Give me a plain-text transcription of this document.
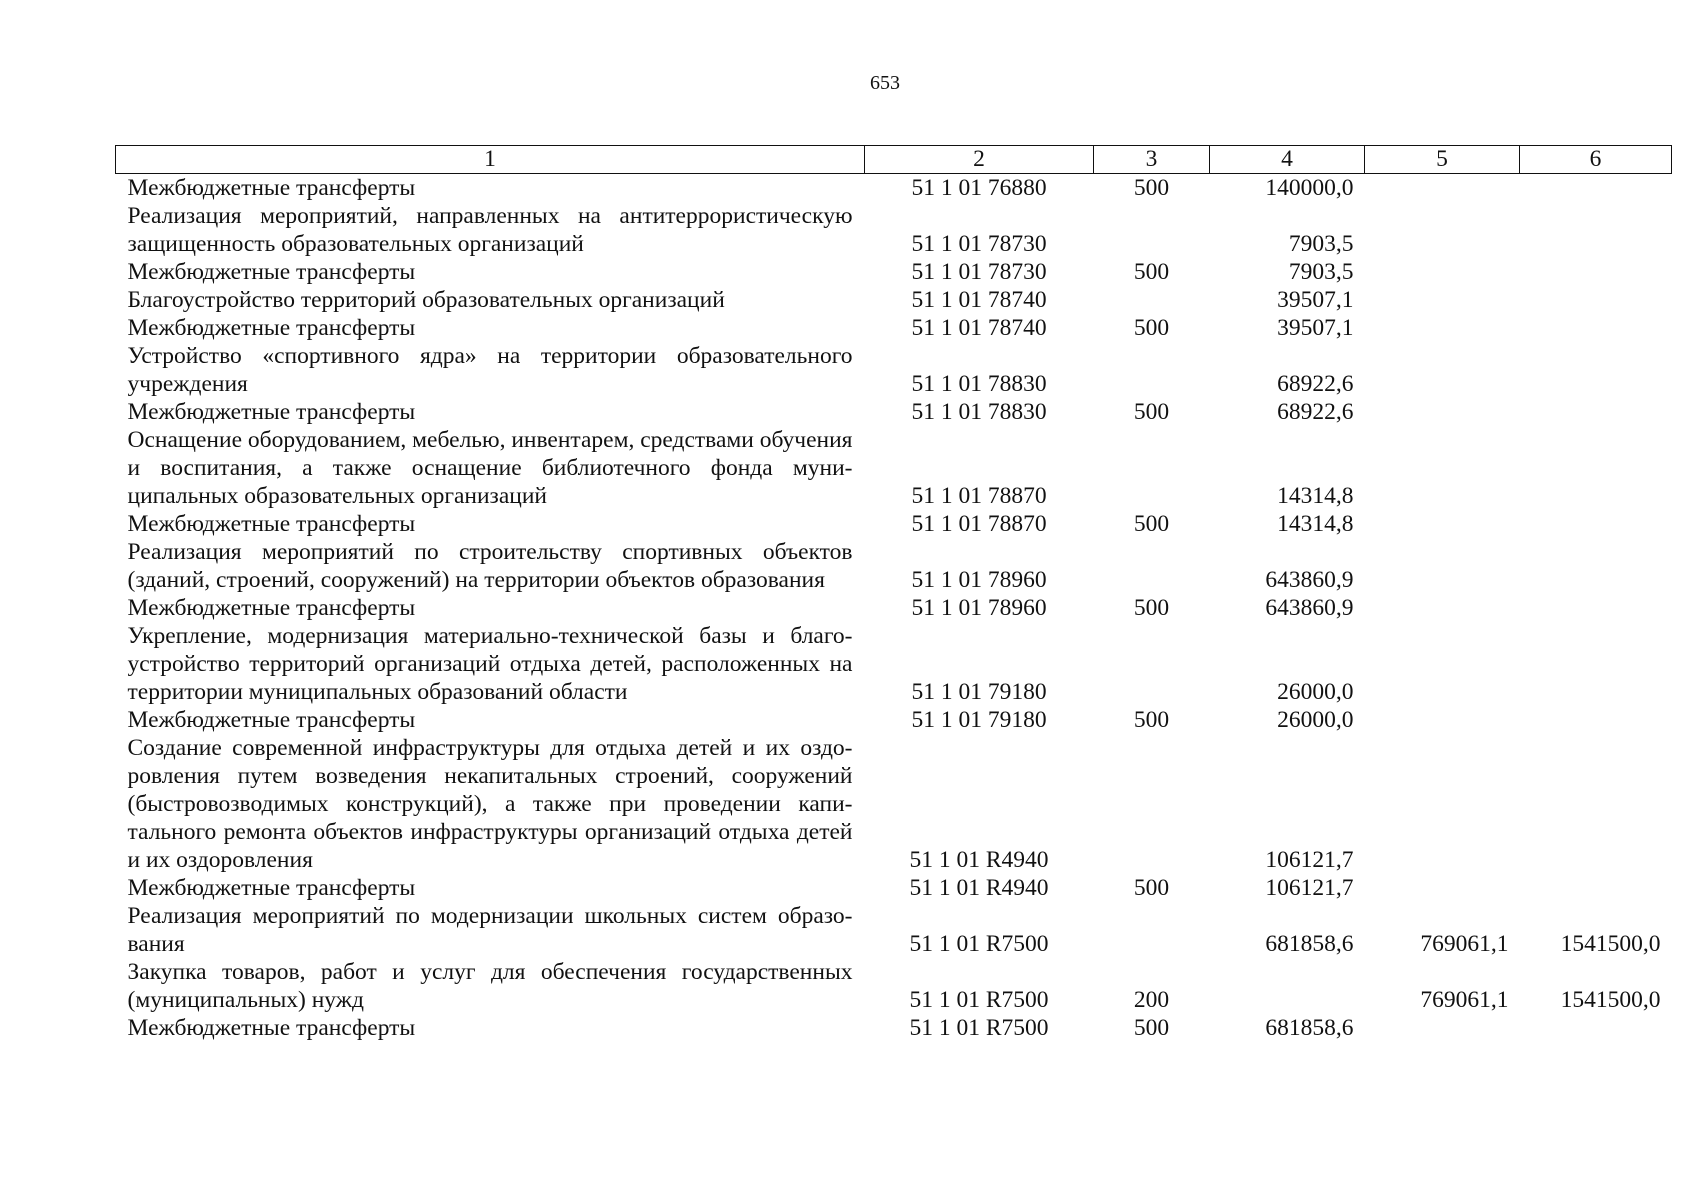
653
1	2	3	4	5	6
Межбюджетные трансферты	51 1 01 76880	500	140000,0		
Реализация мероприятий, направленных на антитеррористическую защищенность образовательных организаций	51 1 01 78730		7903,5		
Межбюджетные трансферты	51 1 01 78730	500	7903,5		
Благоустройство территорий образовательных организаций	51 1 01 78740		39507,1		
Межбюджетные трансферты	51 1 01 78740	500	39507,1		
Устройство «спортивного ядра» на территории образовательного учреждения	51 1 01 78830		68922,6		
Межбюджетные трансферты	51 1 01 78830	500	68922,6		
Оснащение оборудованием, мебелью, инвентарем, средствами обучения и воспитания, а также оснащение библиотечного фонда муниципальных образовательных организаций	51 1 01 78870		14314,8		
Межбюджетные трансферты	51 1 01 78870	500	14314,8		
Реализация мероприятий по строительству спортивных объектов (зданий, строений, сооружений) на территории объектов образования	51 1 01 78960		643860,9		
Межбюджетные трансферты	51 1 01 78960	500	643860,9		
Укрепление, модернизация материально-технической базы и благоустройство территорий организаций отдыха детей, расположенных на территории муниципальных образований области	51 1 01 79180		26000,0		
Межбюджетные трансферты	51 1 01 79180	500	26000,0		
Создание современной инфраструктуры для отдыха детей и их оздоровления путем возведения некапитальных строений, сооружений (быстровозводимых конструкций), а также при проведении капитального ремонта объектов инфраструктуры организаций отдыха детей и их оздоровления	51 1 01 R4940		106121,7		
Межбюджетные трансферты	51 1 01 R4940	500	106121,7		
Реализация мероприятий по модернизации школьных систем образования	51 1 01 R7500		681858,6	769061,1	1541500,0
Закупка товаров, работ и услуг для обеспечения государственных (муниципальных) нужд	51 1 01 R7500	200		769061,1	1541500,0
Межбюджетные трансферты	51 1 01 R7500	500	681858,6		
